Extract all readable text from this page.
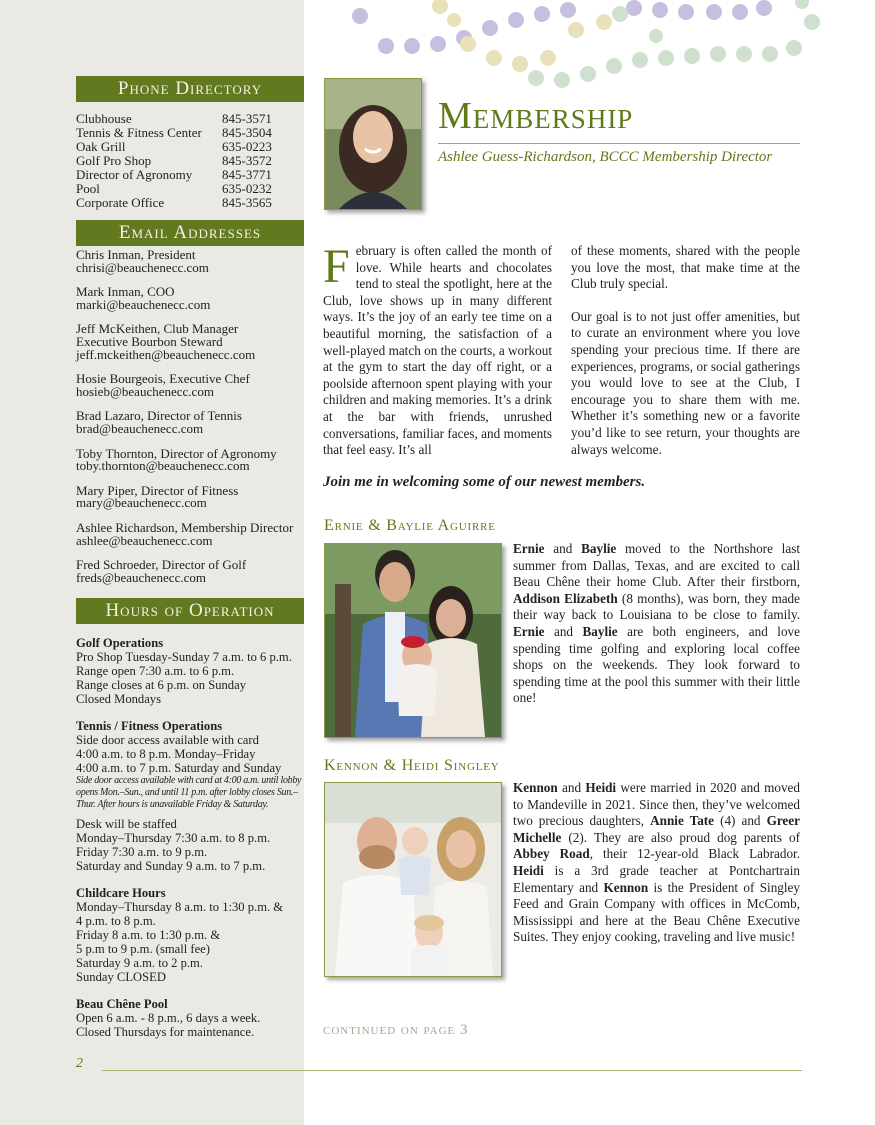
Phone Directory
Clubhouse	845-3571
Tennis & Fitness Center 845-3504
Oak Grill	635-0223
Golf Pro Shop	845-3572
Director of Agronomy 845-3771
Pool	635-0232
Corporate Office	845-3565
Email Addresses
Chris Inman, President
chrisi@beauchenecc.com
Mark Inman, COO
marki@beauchenecc.com
Jeff McKeithen, Club Manager
Executive Bourbon Steward
jeff.mckeithen@beauchenecc.com
Hosie Bourgeois, Executive Chef
hosieb@beauchenecc.com
Brad Lazaro, Director of Tennis
brad@beauchenecc.com
Toby Thornton, Director of Agronomy
toby.thornton@beauchenecc.com
Mary Piper, Director of Fitness
mary@beauchenecc.com
Ashlee Richardson, Membership Director
ashlee@beauchenecc.com
Fred Schroeder, Director of Golf
freds@beauchenecc.com
Hours of Operation
Golf Operations
Pro Shop Tuesday-Sunday 7 a.m. to 6 p.m.
Range open 7:30 a.m. to 6 p.m.
Range closes at 6 p.m. on Sunday
Closed Mondays
Tennis / Fitness Operations
Side door access available with card
4:00 a.m. to 8 p.m. Monday–Friday
4:00 a.m. to 7 p.m. Saturday and Sunday
Side door access available with card at 4:00 a.m. until lobby opens Mon.–Sun., and until 11 p.m. after lobby closes Sun.–Thur. After hours is unavailable Friday & Saturday.
Desk will be staffed
Monday–Thursday 7:30 a.m. to 8 p.m.
Friday 7:30 a.m. to 9 p.m.
Saturday and Sunday 9 a.m. to 7 p.m.
Childcare Hours
Monday–Thursday 8 a.m. to 1:30 p.m. &
4 p.m. to 8 p.m.
Friday 8 a.m. to 1:30 p.m. &
5 p.m to 9 p.m. (small fee)
Saturday 9 a.m. to 2 p.m.
Sunday CLOSED
Beau Chêne Pool
Open 6 a.m. - 8 p.m., 6 days a week.
Closed Thursdays for maintenance.
Membership
Ashlee Guess-Richardson, BCCC Membership Director
February is often called the month of love. While hearts and chocolates tend to steal the spotlight, here at the Club, love shows up in many different ways. It’s the joy of an early tee time on a beautiful morning, the satisfaction of a well-played match on the courts, a workout at the gym to start the day off right, or a poolside afternoon spent playing with your children and making memories. It’s a drink at the bar with friends, unrushed conversations, familiar faces, and moments that feel easy. It’s all

of these moments, shared with the people you love the most, that make time at the Club truly special.

Our goal is to not just offer amenities, but to curate an environment where you love spending your precious time. If there are experiences, programs, or social gatherings you would love to see at the Club, I encourage you to share them with me. Whether it’s something new or a favorite you’d like to see return, your thoughts are always welcome.

Join me in welcoming some of our newest members.
Ernie & Baylie Aguirre
Ernie and Baylie moved to the Northshore last summer from Dallas, Texas, and are excited to call Beau Chêne their home Club. After their firstborn, Addison Elizabeth (8 months), was born, they made their way back to Louisiana to be close to family. Ernie and Baylie are both engineers, and love spending time golfing and exploring local coffee shops on the weekends. They look forward to spending time at the pool this summer with their little one!
Kennon & Heidi Singley
Kennon and Heidi were married in 2020 and moved to Mandeville in 2021. Since then, they’ve welcomed two precious daughters, Annie Tate (4) and Greer Michelle (2). They are also proud dog parents of Abbey Road, their 12-year-old Black Labrador. Heidi is a 3rd grade teacher at Pontchartrain Elementary and Kennon is the President of Singley Feed and Grain Company with offices in McComb, Mississippi and here at the Beau Chêne Executive Suites. They enjoy cooking, traveling and live music!
continued on page 3
2
